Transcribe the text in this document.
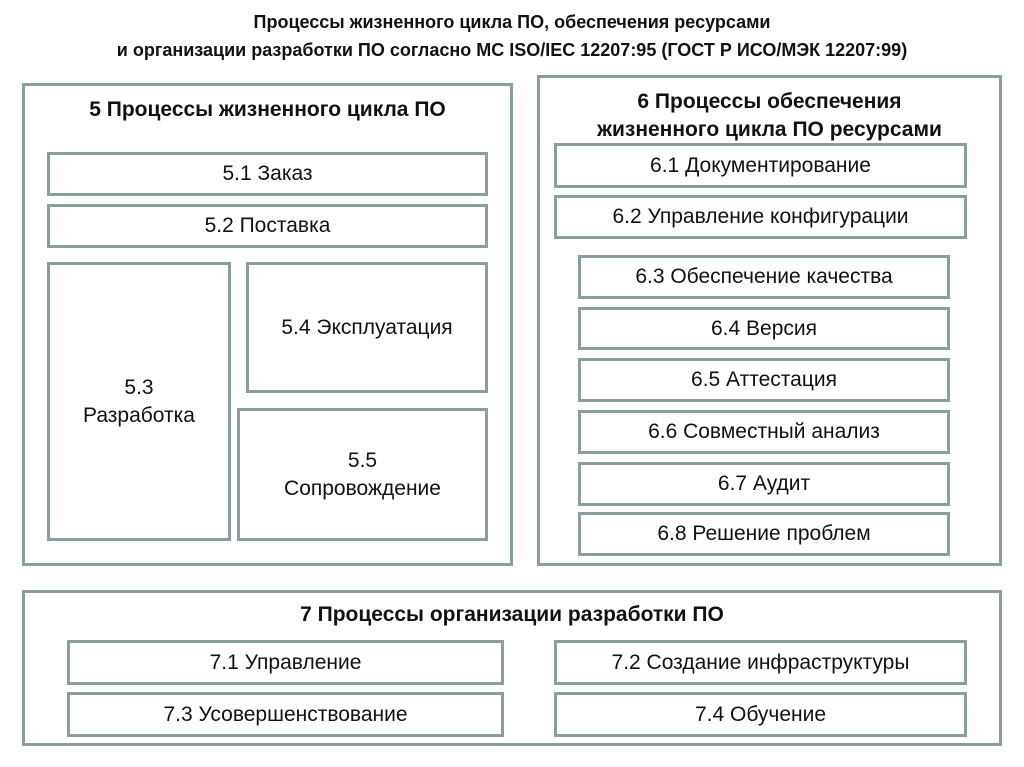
Процессы жизненного цикла ПО, обеспечения ресурсами
и организации разработки ПО согласно МС ISO/IEC 12207:95 (ГОСТ Р ИСО/МЭК 12207:99)
5 Процессы жизненного цикла ПО
5.1 Заказ
5.2 Поставка
5.3
Разработка
5.4 Эксплуатация
5.5
Сопровождение
6 Процессы обеспечения
жизненного цикла ПО ресурсами
6.1 Документирование
6.2 Управление конфигурации
6.3 Обеспечение качества
6.4 Версия
6.5 Аттестация
6.6 Совместный анализ
6.7 Аудит
6.8 Решение проблем
7 Процессы организации разработки ПО
7.1 Управление	7.2 Создание инфраструктуры
7.3 Усовершенствование	7.4 Обучение
